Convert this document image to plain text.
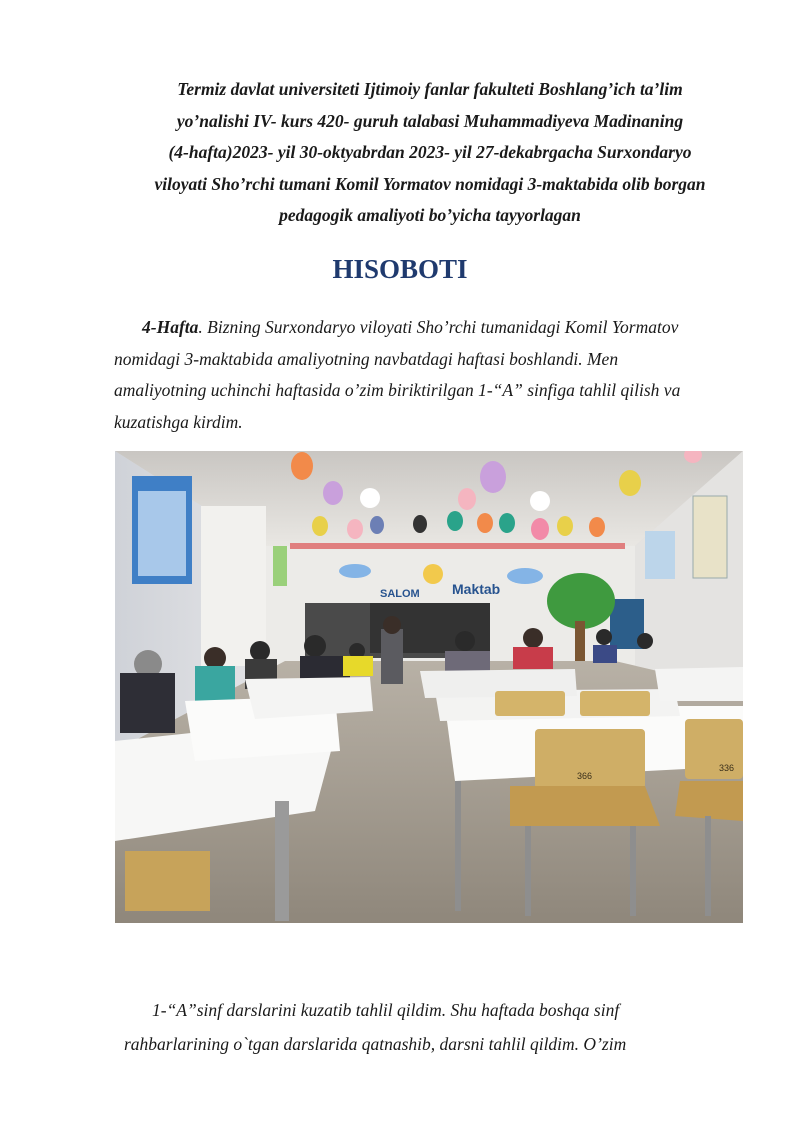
Termiz davlat universiteti Ijtimoiy fanlar fakulteti Boshlang’ich ta’lim
yo’nalishi IV- kurs 420- guruh talabasi Muhammadiyeva Madinaning
(4-hafta)2023- yil 30-oktyabrdan 2023- yil 27-dekabrgacha Surxondaryo
viloyati Sho’rchi tumani Komil Yormatov nomidagi 3-maktabida olib borgan
pedagogik amaliyoti bo’yicha tayyorlagan
HISOBOTI
4-Hafta. Bizning Surxondaryo viloyati Sho’rchi tumanidagi Komil Yormatov
nomidagi 3-maktabida amaliyotning navbatdagi haftasi boshlandi. Men
amaliyotning uchinchi haftasida o’zim biriktirilgan 1-“A” sinfiga tahlil qilish va
kuzatishga kirdim.
SALOM Maktab
366
336
1-“A”sinf darslarini kuzatib tahlil qildim. Shu haftada boshqa sinf
rahbarlarining o`tgan darslarida qatnashib, darsni tahlil qildim. O’zim
